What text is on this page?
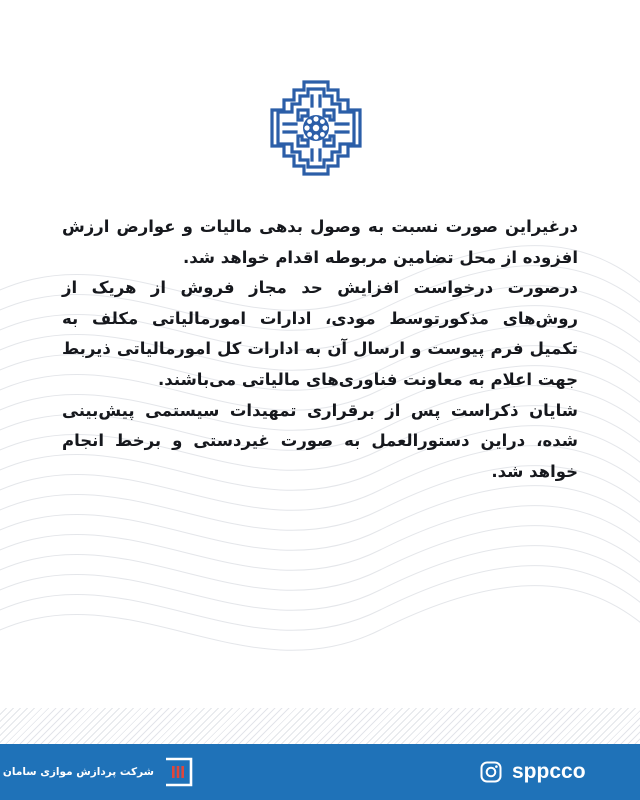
درغیراین صورت نسبت به وصول بدهی مالیات و عوارض ارزش افزوده از محل تضامین مربوطه اقدام خواهد شد.

درصورت درخواست افزایش حد مجاز فروش از هریک از روش‌های مذکورتوسط مودی، ادارات امورمالیاتی مکلف به تکمیل فرم پیوست و ارسال آن به ادارات کل امورمالیاتی ذیربط جهت اعلام به معاونت فناوری‌های مالیاتی می‌باشند.

شایان ذکراست پس از برقراری تمهیدات سیستمی پیش‌بینی شده، دراین دستورالعمل به صورت غیردستی و برخط انجام خواهد شد.

sppcco
شرکت پردازش موازی سامان
